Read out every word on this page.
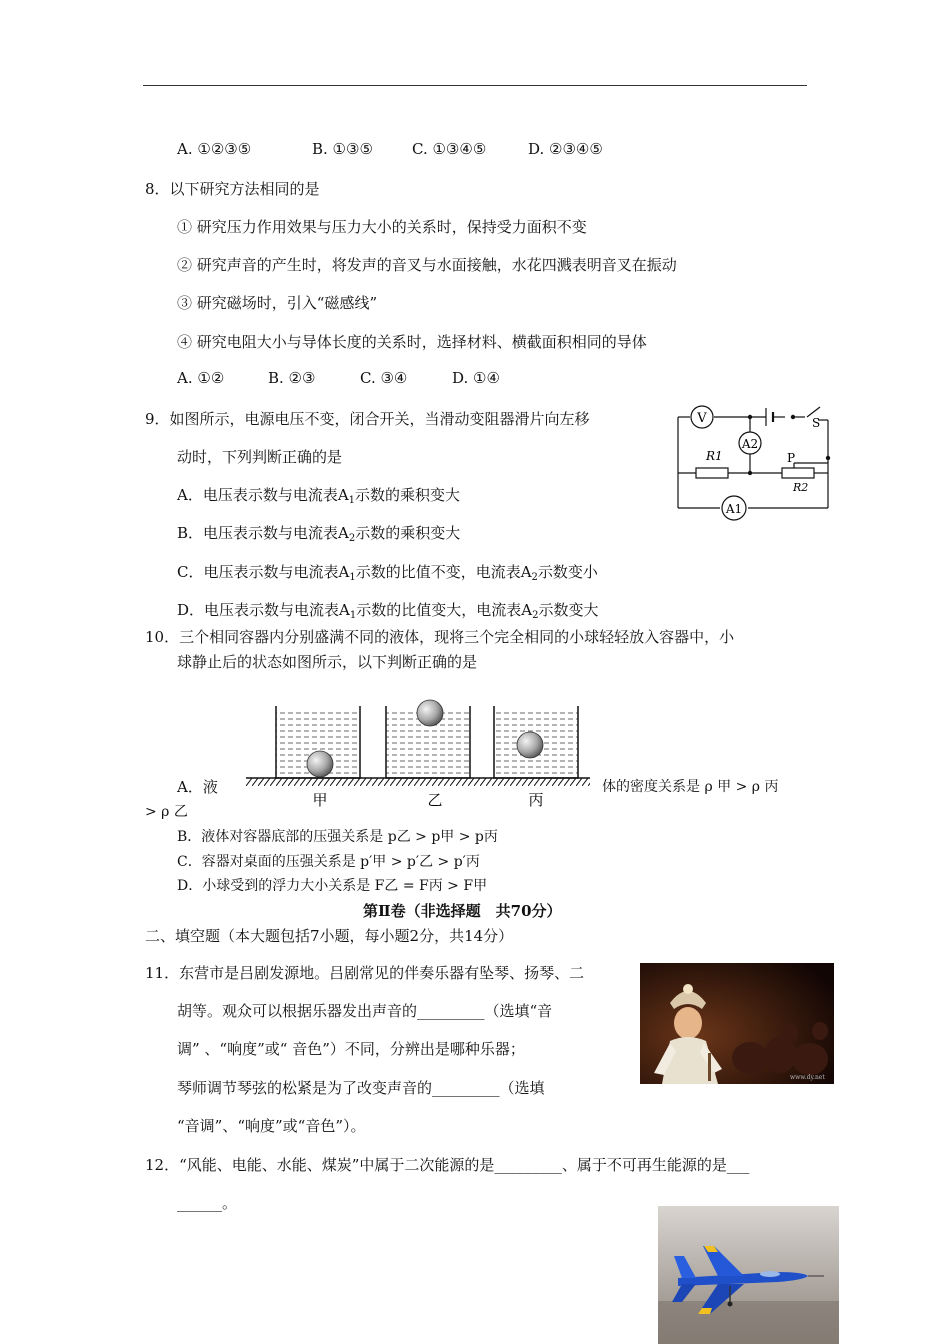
A. ①②③⑤	B. ①③⑤	C. ①③④⑤	D. ②③④⑤
8．以下研究方法相同的是
① 研究压力作用效果与压力大小的关系时，保持受力面积不变
② 研究声音的产生时，将发声的音叉与水面接触，水花四溅表明音叉在振动
③ 研究磁场时，引入“磁感线”
④ 研究电阻大小与导体长度的关系时，选择材料、横截面积相同的导体
A. ①②	B. ②③	C. ③④	D. ①④
9．如图所示，电源电压不变，闭合开关，当滑动变阻器滑片向左移
动时，下列判断正确的是
A．电压表示数与电流表$A_1$示数的乘积变大
B．电压表示数与电流表$A_2$示数的乘积变大
C．电压表示数与电流表$A_1$示数的比值不变，电流表$A_2$示数变小
D．电压表示数与电流表$A_1$示数的比值变大，电流表$A_2$示数变大
V	S
A2
R1	P
R2
A1
10．三个相同容器内分别盛满不同的液体，现将三个完全相同的小球轻轻放入容器中，小
球静止后的状态如图所示，以下判断正确的是
甲	乙	丙
A．液	体的密度关系是 ρ 甲 > ρ 丙
> ρ 乙
B．液体对容器底部的压强关系是 p乙 > p甲 > p丙
C．容器对桌面的压强关系是 p′甲 > p′乙 > p′丙
D．小球受到的浮力大小关系是 F乙 = F丙 > F甲
第Ⅱ卷（非选择题　共70分）
二、填空题（本大题包括7小题，每小题2分，共14分）
11．东营市是吕剧发源地。吕剧常见的伴奏乐器有坠琴、扬琴、二
胡等。观众可以根据乐器发出声音的_________（选填“音
调” 、“响度”或“ 音色”）不同，分辨出是哪种乐器；
琴师调节琴弦的松紧是为了改变声音的_________（选填
“音调”、“响度”或“音色”）。
www.dy.net
12．“风能、电能、水能、煤炭”中属于二次能源的是_________、属于不可再生能源的是___
______。
